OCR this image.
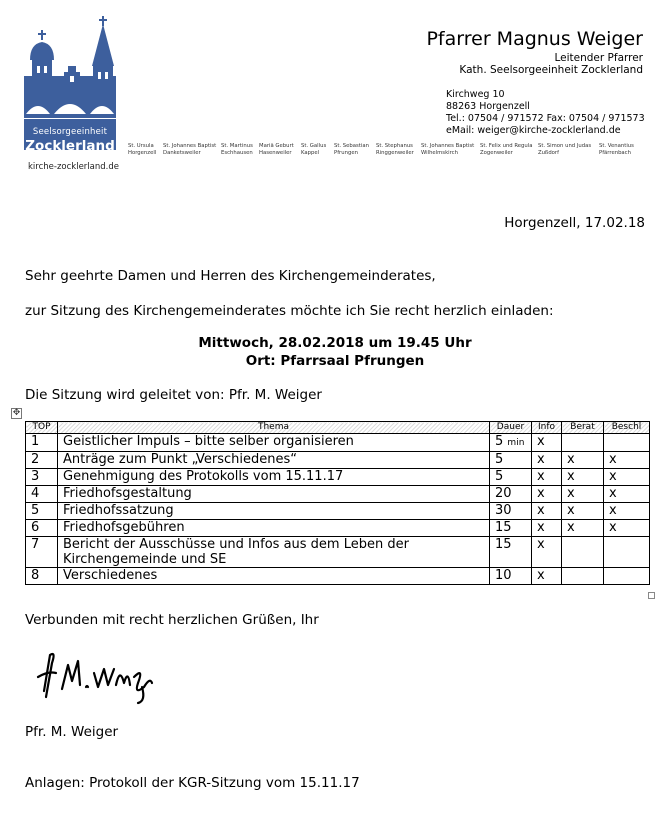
Seelsorgeeinheit
Zocklerland
kirche-zocklerland.de
St. Ursula
Horgenzell
St. Johannes Baptist
Danketsweiler
St. Martinus
Eschhausen
Mariä Geburt
Hasenweiler
St. Gallus
Kappel
St. Sebastian
Pfrungen
St. Stephanus
Ringgenweiler
St. Johannes Baptist
Wilhelmskirch
St. Felix und Regula
Zogenweiler
St. Simon und Judas
Zußdorf
St. Venantius
Pfärrenbach
Pfarrer Magnus Weiger
Leitender Pfarrer
Kath. Seelsorgeeinheit Zocklerland
Kirchweg 10
88263 Horgenzell
Tel.: 07504 / 971572 Fax: 07504 / 971573
eMail: weiger@kirche-zocklerland.de
Horgenzell, 17.02.18
Sehr geehrte Damen und Herren des Kirchengemeinderates,
zur Sitzung des Kirchengemeinderates möchte ich Sie recht herzlich einladen:
Mittwoch, 28.02.2018 um 19.45 Uhr
Ort: Pfarrsaal Pfrungen
Die Sitzung wird geleitet von: Pfr. M. Weiger
✥
TOP	Thema	Dauer	Info	Berat	Beschl
1	Geistlicher Impuls – bitte selber organisieren	5 min	x		
2	Anträge zum Punkt „Verschiedenes“	5	x	x	x
3	Genehmigung des Protokolls vom 15.11.17	5	x	x	x
4	Friedhofsgestaltung	20	x	x	x
5	Friedhofssatzung	30	x	x	x
6	Friedhofsgebühren	15	x	x	x
7	Bericht der Ausschüsse und Infos aus dem Leben der Kirchengemeinde und SE	15	x		
8	Verschiedenes	10	x		
Verbunden mit recht herzlichen Grüßen, Ihr
Pfr. M. Weiger
Anlagen: Protokoll der KGR-Sitzung vom 15.11.17
